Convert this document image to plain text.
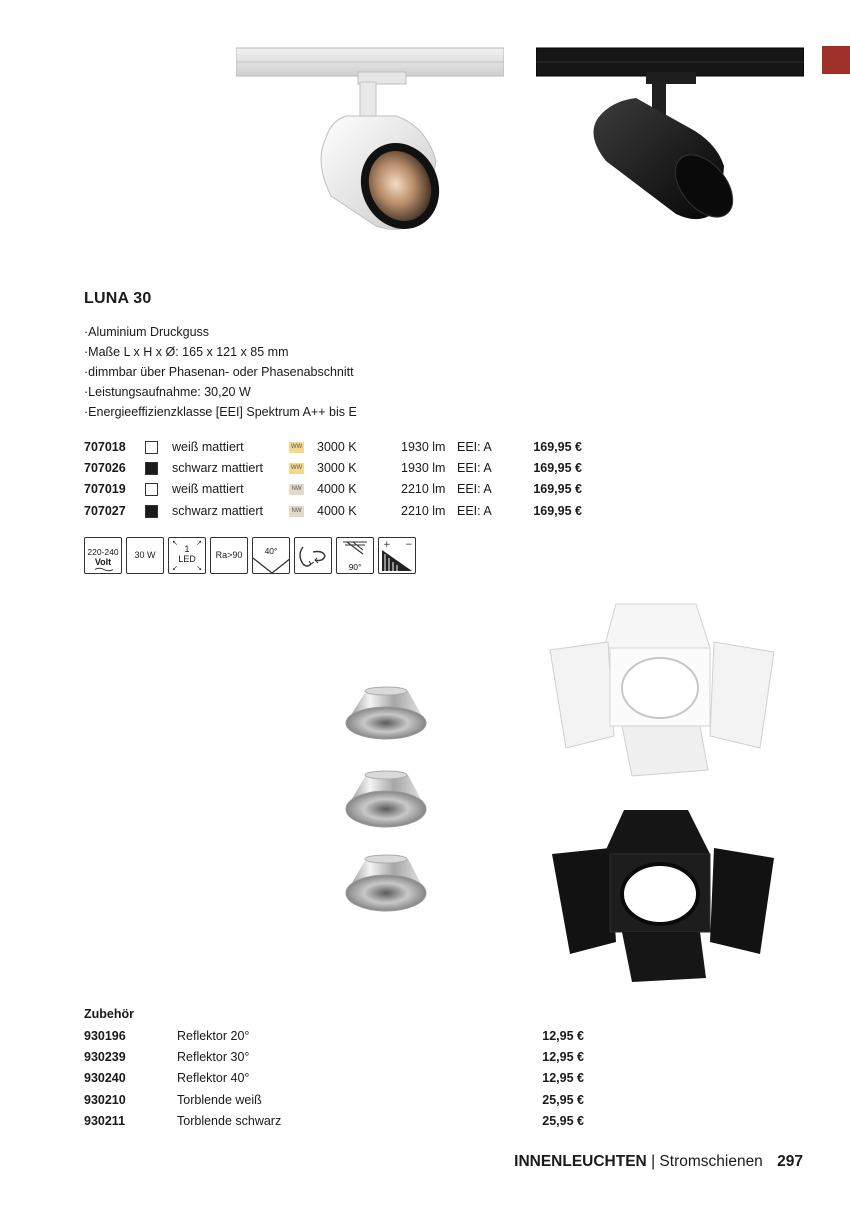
LUNA 30
· Aluminium Druckguss
· Maße L x H x Ø: 165 x 121 x 85 mm
· dimmbar über Phasenan- oder Phasenabschnitt
· Leistungsaufnahme: 30,20 W
· Energieeffizienzklasse [EEI] Spektrum A++ bis E
707018		weiß mattiert	WW	3000 K	1930 lm	EEI: A	169,95 €
707026		schwarz mattiert	WW	3000 K	1930 lm	EEI: A	169,95 €
707019		weiß mattiert	NW	4000 K	2210 lm	EEI: A	169,95 €
707027		schwarz mattiert	NW	4000 K	2210 lm	EEI: A	169,95 €
220-240
Volt
30 W
1
LED
↖	↗
↙	↘
Ra>90	40°
90°
+ −
Zubehör
930196	Reflektor 20°	12,95 €
930239	Reflektor 30°	12,95 €
930240	Reflektor 40°	12,95 €
930210	Torblende weiß	25,95 €
930211	Torblende schwarz	25,95 €
INNENLEUCHTEN | Stromschienen 297
